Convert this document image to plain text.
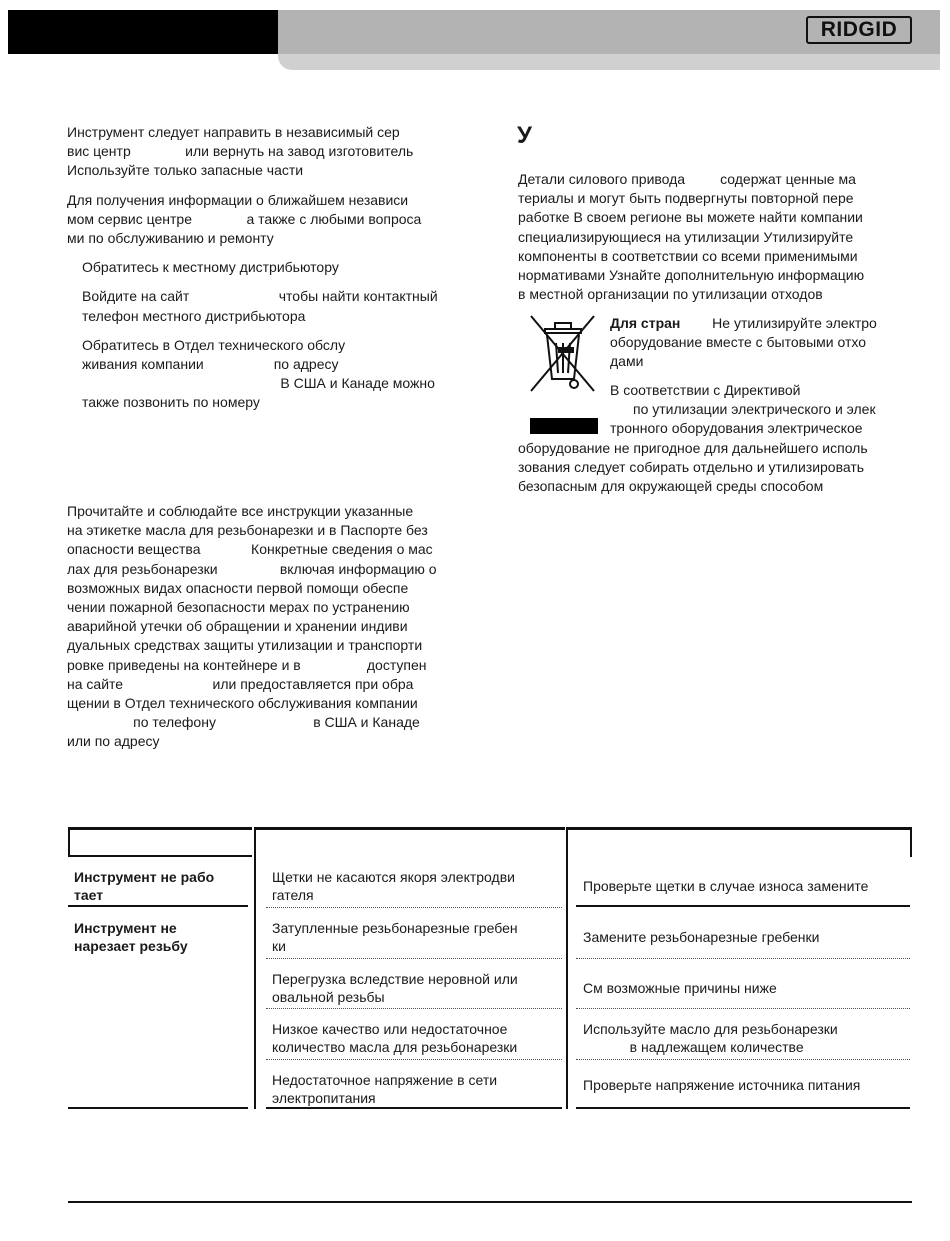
RIDGID

Инструмент следует направить в независимый сер

вис центр              или вернуть на завод изготовитель

Используйте только запасные части

Для получения информации о ближайшем независи

мом сервис центре              а также с любыми вопроса

ми по обслуживанию и ремонту

Обратитесь к местному дистрибьютору

Войдите на сайт                       чтобы найти контактный

телефон местного дистрибьютора

Обратитесь в Отдел технического обслу

живания компании                  по адресу

В США и Канаде можно

также позвонить по номеру

Прочитайте и соблюдайте все инструкции указанные

на этикетке масла для резьбонарезки и в Паспорте без

опасности вещества             Конкретные сведения о мас

лах для резьбонарезки                включая информацию о

возможных видах опасности первой помощи обеспе

чении пожарной безопасности мерах по устранению

аварийной утечки об обращении и хранении индиви

дуальных средствах защиты утилизации и транспорти

ровке приведены на контейнере и в                 доступен

на сайте                       или предоставляется при обра

щении в Отдел технического обслуживания компании

по телефону                         в США и Канаде

или по адресу

У

Детали силового привода         содержат ценные ма

териалы и могут быть подвергнуты повторной пере

работке В своем регионе вы можете найти компании

специализирующиеся на утилизации Утилизируйте

компоненты в соответствии со всеми применимыми

нормативами Узнайте дополнительную информацию

в местной организации по утилизации отходов

Для стран Не утилизируйте электро

оборудование вместе с бытовыми отхо

дами

В соответствии с Директивой

по утилизации электрического и элек

тронного оборудования электрическое

оборудование не пригодное для дальнейшего исполь

зования следует собирать отдельно и утилизировать

безопасным для окружающей среды способом

Инструмент не рабо
тает
Щетки не касаются якоря электродви
гателя
Проверьте щетки в случае износа замените
Инструмент не
нарезает резьбу
Затупленные резьбонарезные гребен
ки
Замените резьбонарезные гребенки
Перегрузка вследствие неровной или
овальной резьбы
См возможные причины ниже
Низкое качество или недостаточное
количество масла для резьбонарезки
Используйте масло для резьбонарезки
в надлежащем количестве
Недостаточное напряжение в сети
электропитания
Проверьте напряжение источника питания
